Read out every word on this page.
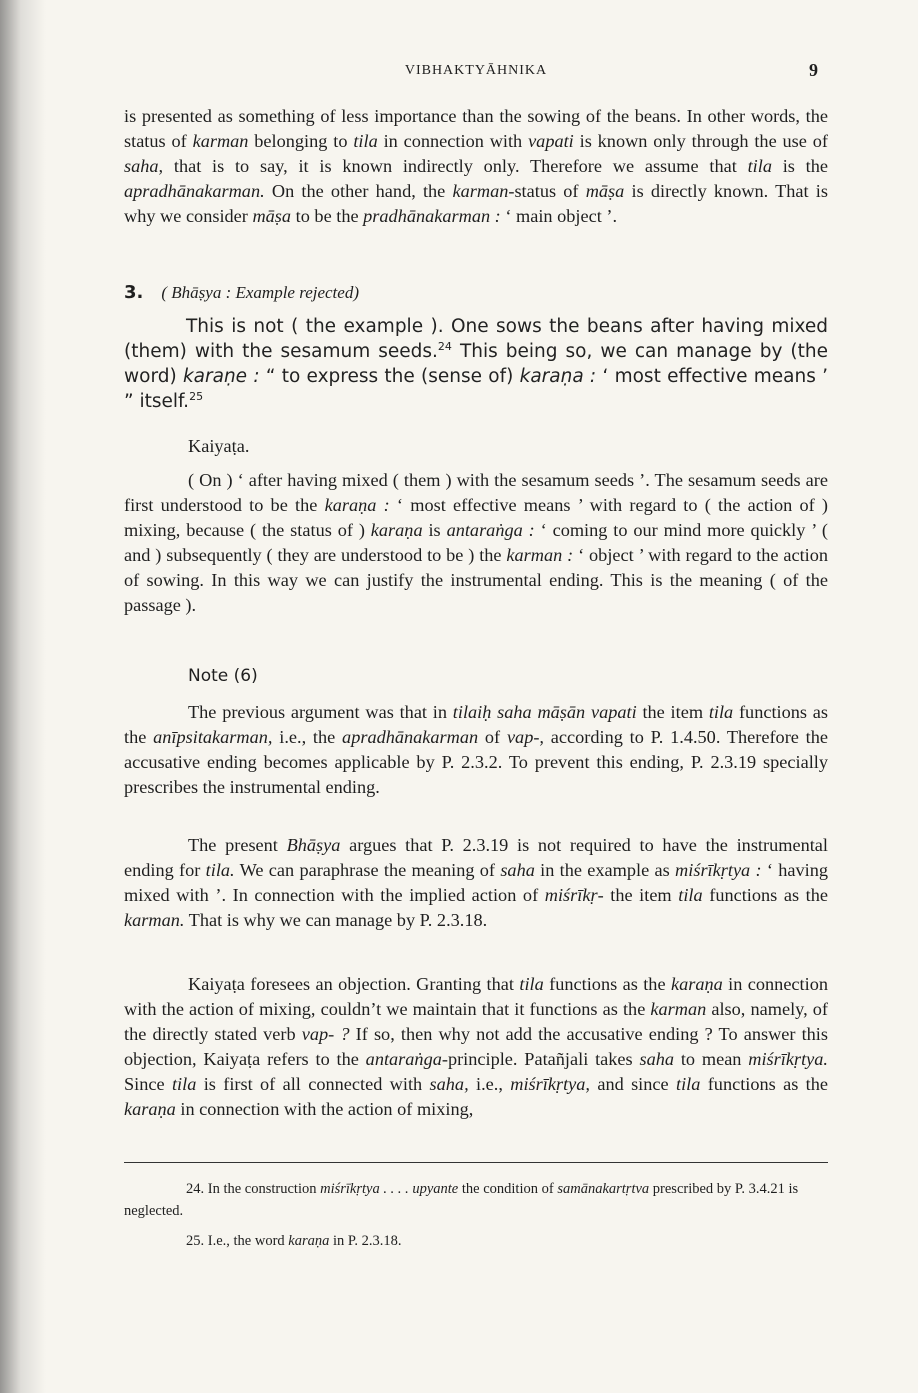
VIBHAKTYĀHNIKA	9

is presented as something of less importance than the sowing of the beans. In other words, the status of karman belonging to tila in connection with vapati is known only through the use of saha, that is to say, it is known indirectly only. Therefore we assume that tila is the apradhānakarman. On the other hand, the karman-status of māṣa is directly known. That is why we consider māṣa to be the pradhānakarman : ‘ main object ’.

3. ( Bhāṣya : Example rejected)

This is not ( the example ). One sows the beans after having mixed (them) with the sesamum seeds.$^{24}$ This being so, we can manage by (the word) karaṇe : “ to express the (sense of) karaṇa : ‘ most effective means ’ ” itself.$^{25}$

Kaiyaṭa.

( On ) ‘ after having mixed ( them ) with the sesamum seeds ’. The sesamum seeds are first understood to be the karaṇa : ‘ most effective means ’ with regard to ( the action of ) mixing, because ( the status of ) karaṇa is antaraṅga : ‘ coming to our mind more quickly ’ ( and ) subsequently ( they are understood to be ) the karman : ‘ object ’ with regard to the action of sowing. In this way we can justify the instrumental ending. This is the meaning ( of the passage ).

Note (6)

The previous argument was that in tilaiḥ saha māṣān vapati the item tila functions as the anīpsitakarman, i.e., the apradhānakarman of vap-, according to P. 1.4.50. Therefore the accusative ending becomes applicable by P. 2.3.2. To prevent this ending, P. 2.3.19 specially prescribes the instrumental ending.

The present Bhāṣya argues that P. 2.3.19 is not required to have the instrumental ending for tila. We can paraphrase the meaning of saha in the example as miśrīkṛtya : ‘ having mixed with ’. In connection with the implied action of miśrīkṛ- the item tila functions as the karman. That is why we can manage by P. 2.3.18.

Kaiyaṭa foresees an objection. Granting that tila functions as the karaṇa in connection with the action of mixing, couldn’t we maintain that it functions as the karman also, namely, of the directly stated verb vap- ? If so, then why not add the accusative ending ? To answer this objection, Kaiyaṭa refers to the antaraṅga-principle. Patañjali takes saha to mean miśrīkṛtya. Since tila is first of all connected with saha, i.e., miśrīkṛtya, and since tila functions as the karaṇa in connection with the action of mixing,

24. In the construction miśrīkṛtya . . . . upyante the condition of samānakartṛtva prescribed by P. 3.4.21 is neglected.

25. I.e., the word karaṇa in P. 2.3.18.
